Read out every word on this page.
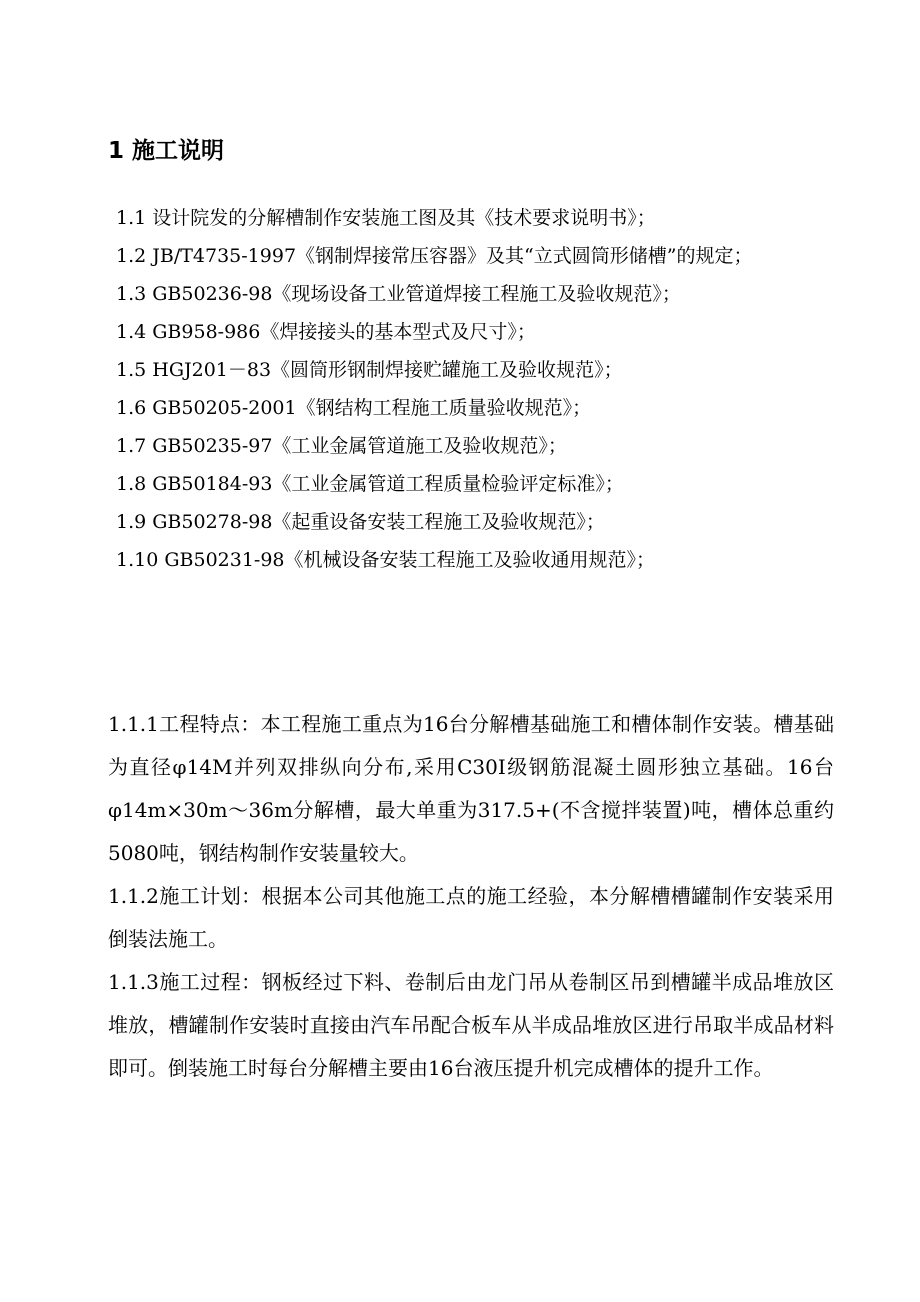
1 施工说明
1.1 设计院发的分解槽制作安装施工图及其《技术要求说明书》；
1.2 JB/T4735-1997《钢制焊接常压容器》及其“立式圆筒形储槽”的规定；
1.3 GB50236-98《现场设备工业管道焊接工程施工及验收规范》；
1.4 GB958-986《焊接接头的基本型式及尺寸》；
1.5 HGJ201－83《圆筒形钢制焊接贮罐施工及验收规范》；
1.6 GB50205-2001《钢结构工程施工质量验收规范》；
1.7 GB50235-97《工业金属管道施工及验收规范》；
1.8 GB50184-93《工业金属管道工程质量检验评定标准》；
1.9 GB50278-98《起重设备安装工程施工及验收规范》；
1.10 GB50231-98《机械设备安装工程施工及验收通用规范》；

1.1.1工程特点：本工程施工重点为16台分解槽基础施工和槽体制作安装。槽基础为直径φ14M并列双排纵向分布,采用C30I级钢筋混凝土圆形独立基础。16台φ14m×30m～36m分解槽，最大单重为317.5+(不含搅拌装置)吨，槽体总重约5080吨，钢结构制作安装量较大。

1.1.2施工计划：根据本公司其他施工点的施工经验，本分解槽槽罐制作安装采用倒装法施工。

1.1.3施工过程：钢板经过下料、卷制后由龙门吊从卷制区吊到槽罐半成品堆放区堆放，槽罐制作安装时直接由汽车吊配合板车从半成品堆放区进行吊取半成品材料即可。倒装施工时每台分解槽主要由16台液压提升机完成槽体的提升工作。
